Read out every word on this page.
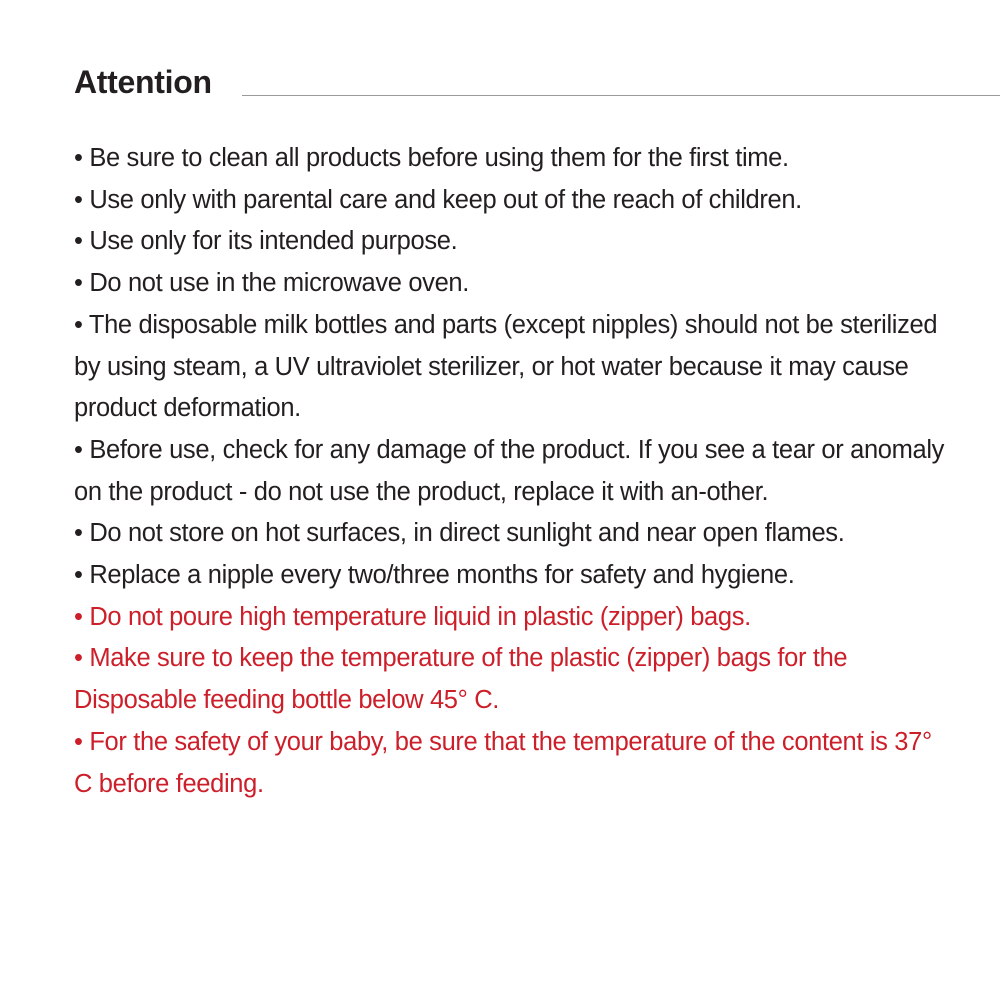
Attention
• Be sure to clean all products before using them for the first time.
• Use only with parental care and keep out of the reach of children.
• Use only for its intended purpose.
• Do not use in the microwave oven.
• The disposable milk bottles and parts (except nipples) should not be sterilized by using steam, a UV ultraviolet sterilizer, or hot water because it may cause product deformation.
• Before use, check for any damage of the product. If you see a tear or anomaly on the product - do not use the product, replace it with an-other.
• Do not store on hot surfaces, in direct sunlight and near open flames.
• Replace a nipple every two/three months for safety and hygiene.
• Do not poure high temperature liquid in plastic (zipper) bags.
• Make sure to keep the temperature of the plastic (zipper) bags for the Disposable feeding bottle below 45° C.
• For the safety of your baby, be sure that the temperature of the content is 37° C before feeding.
